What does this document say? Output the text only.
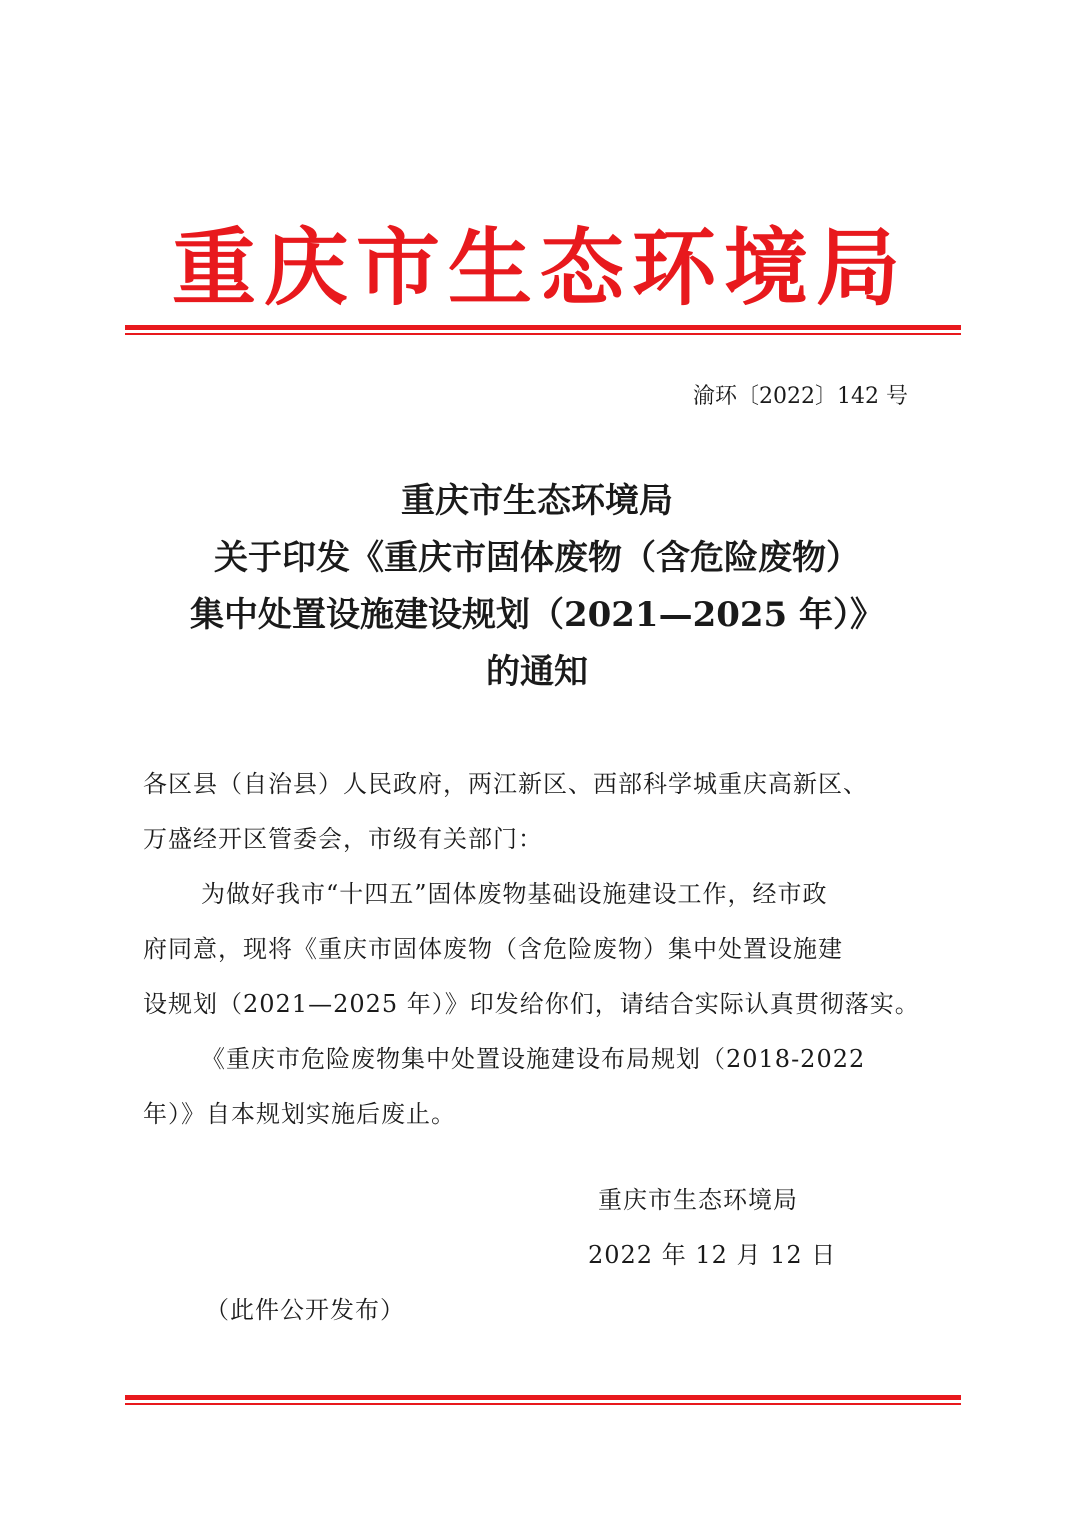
重庆市生态环境局
渝环〔2022〕142 号
重庆市生态环境局
关于印发《重庆市固体废物（含危险废物）
集中处置设施建设规划（2021—2025 年）》
的通知

各区县（自治县）人民政府，两江新区、西部科学城重庆高新区、

万盛经开区管委会，市级有关部门：

为做好我市“十四五”固体废物基础设施建设工作，经市政

府同意，现将《重庆市固体废物（含危险废物）集中处置设施建

设规划（2021—2025 年）》印发给你们，请结合实际认真贯彻落实。

《重庆市危险废物集中处置设施建设布局规划（2018-2022

年）》自本规划实施后废止。

重庆市生态环境局
2022 年 12 月 12 日
（此件公开发布）
